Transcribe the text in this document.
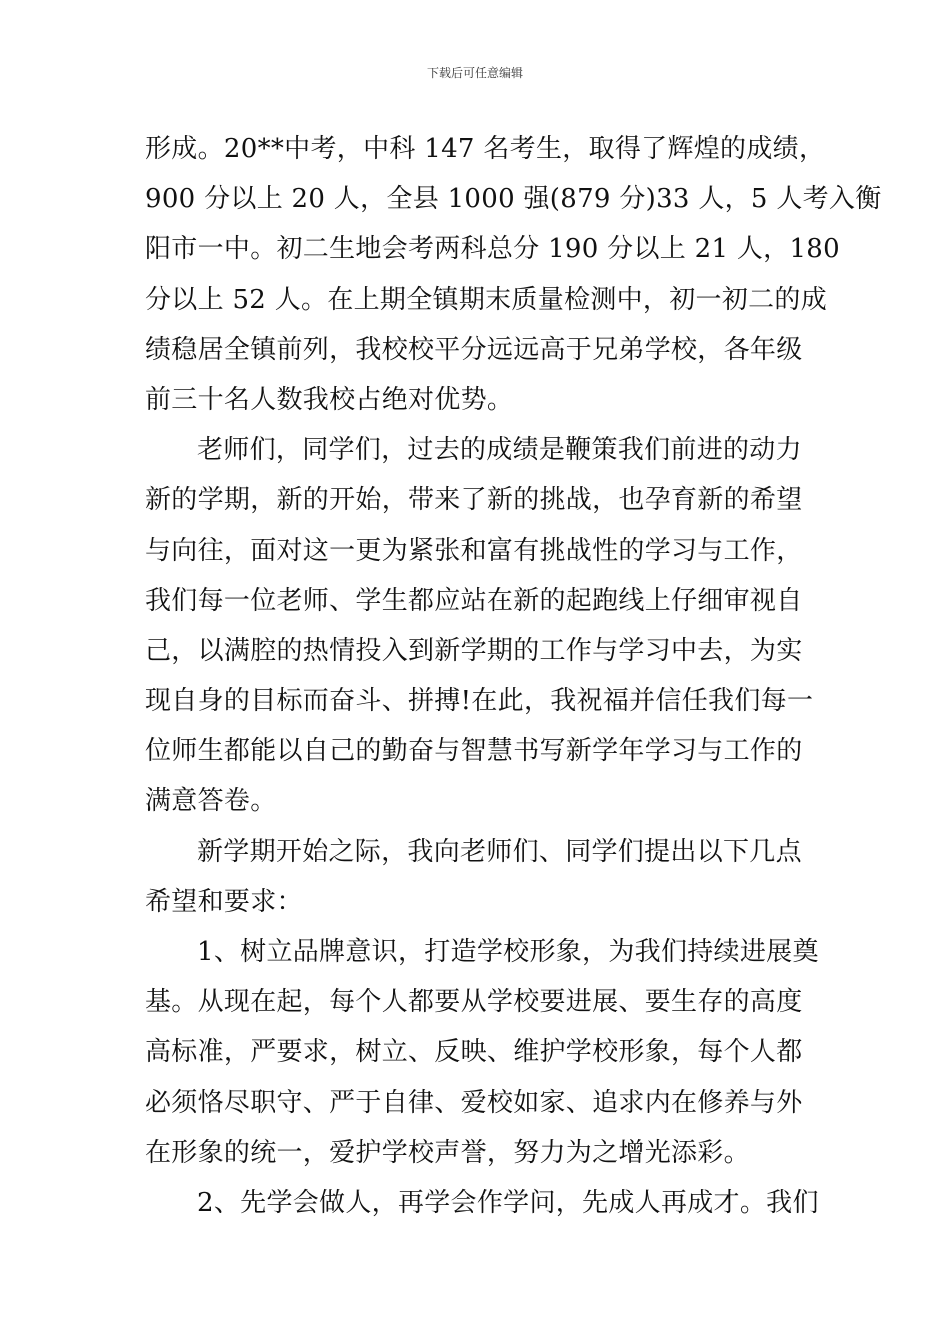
下载后可任意编辑
形成。20**中考，中科 147 名考生，取得了辉煌的成绩，
900 分以上 20 人，全县 1000 强(879 分)33 人，5 人考入衡
阳市一中。初二生地会考两科总分 190 分以上 21 人，180
分以上 52 人。在上期全镇期末质量检测中，初一初二的成
绩稳居全镇前列，我校校平分远远高于兄弟学校，各年级
前三十名人数我校占绝对优势。
老师们，同学们，过去的成绩是鞭策我们前进的动力
新的学期，新的开始，带来了新的挑战，也孕育新的希望
与向往，面对这一更为紧张和富有挑战性的学习与工作，
我们每一位老师、学生都应站在新的起跑线上仔细审视自
己，以满腔的热情投入到新学期的工作与学习中去，为实
现自身的目标而奋斗、拼搏!在此，我祝福并信任我们每一
位师生都能以自己的勤奋与智慧书写新学年学习与工作的
满意答卷。
新学期开始之际，我向老师们、同学们提出以下几点
希望和要求：
1、树立品牌意识，打造学校形象，为我们持续进展奠
基。从现在起，每个人都要从学校要进展、要生存的高度
高标准，严要求，树立、反映、维护学校形象，每个人都
必须恪尽职守、严于自律、爱校如家、追求内在修养与外
在形象的统一，爱护学校声誉，努力为之增光添彩。
2、先学会做人，再学会作学问，先成人再成才。我们
